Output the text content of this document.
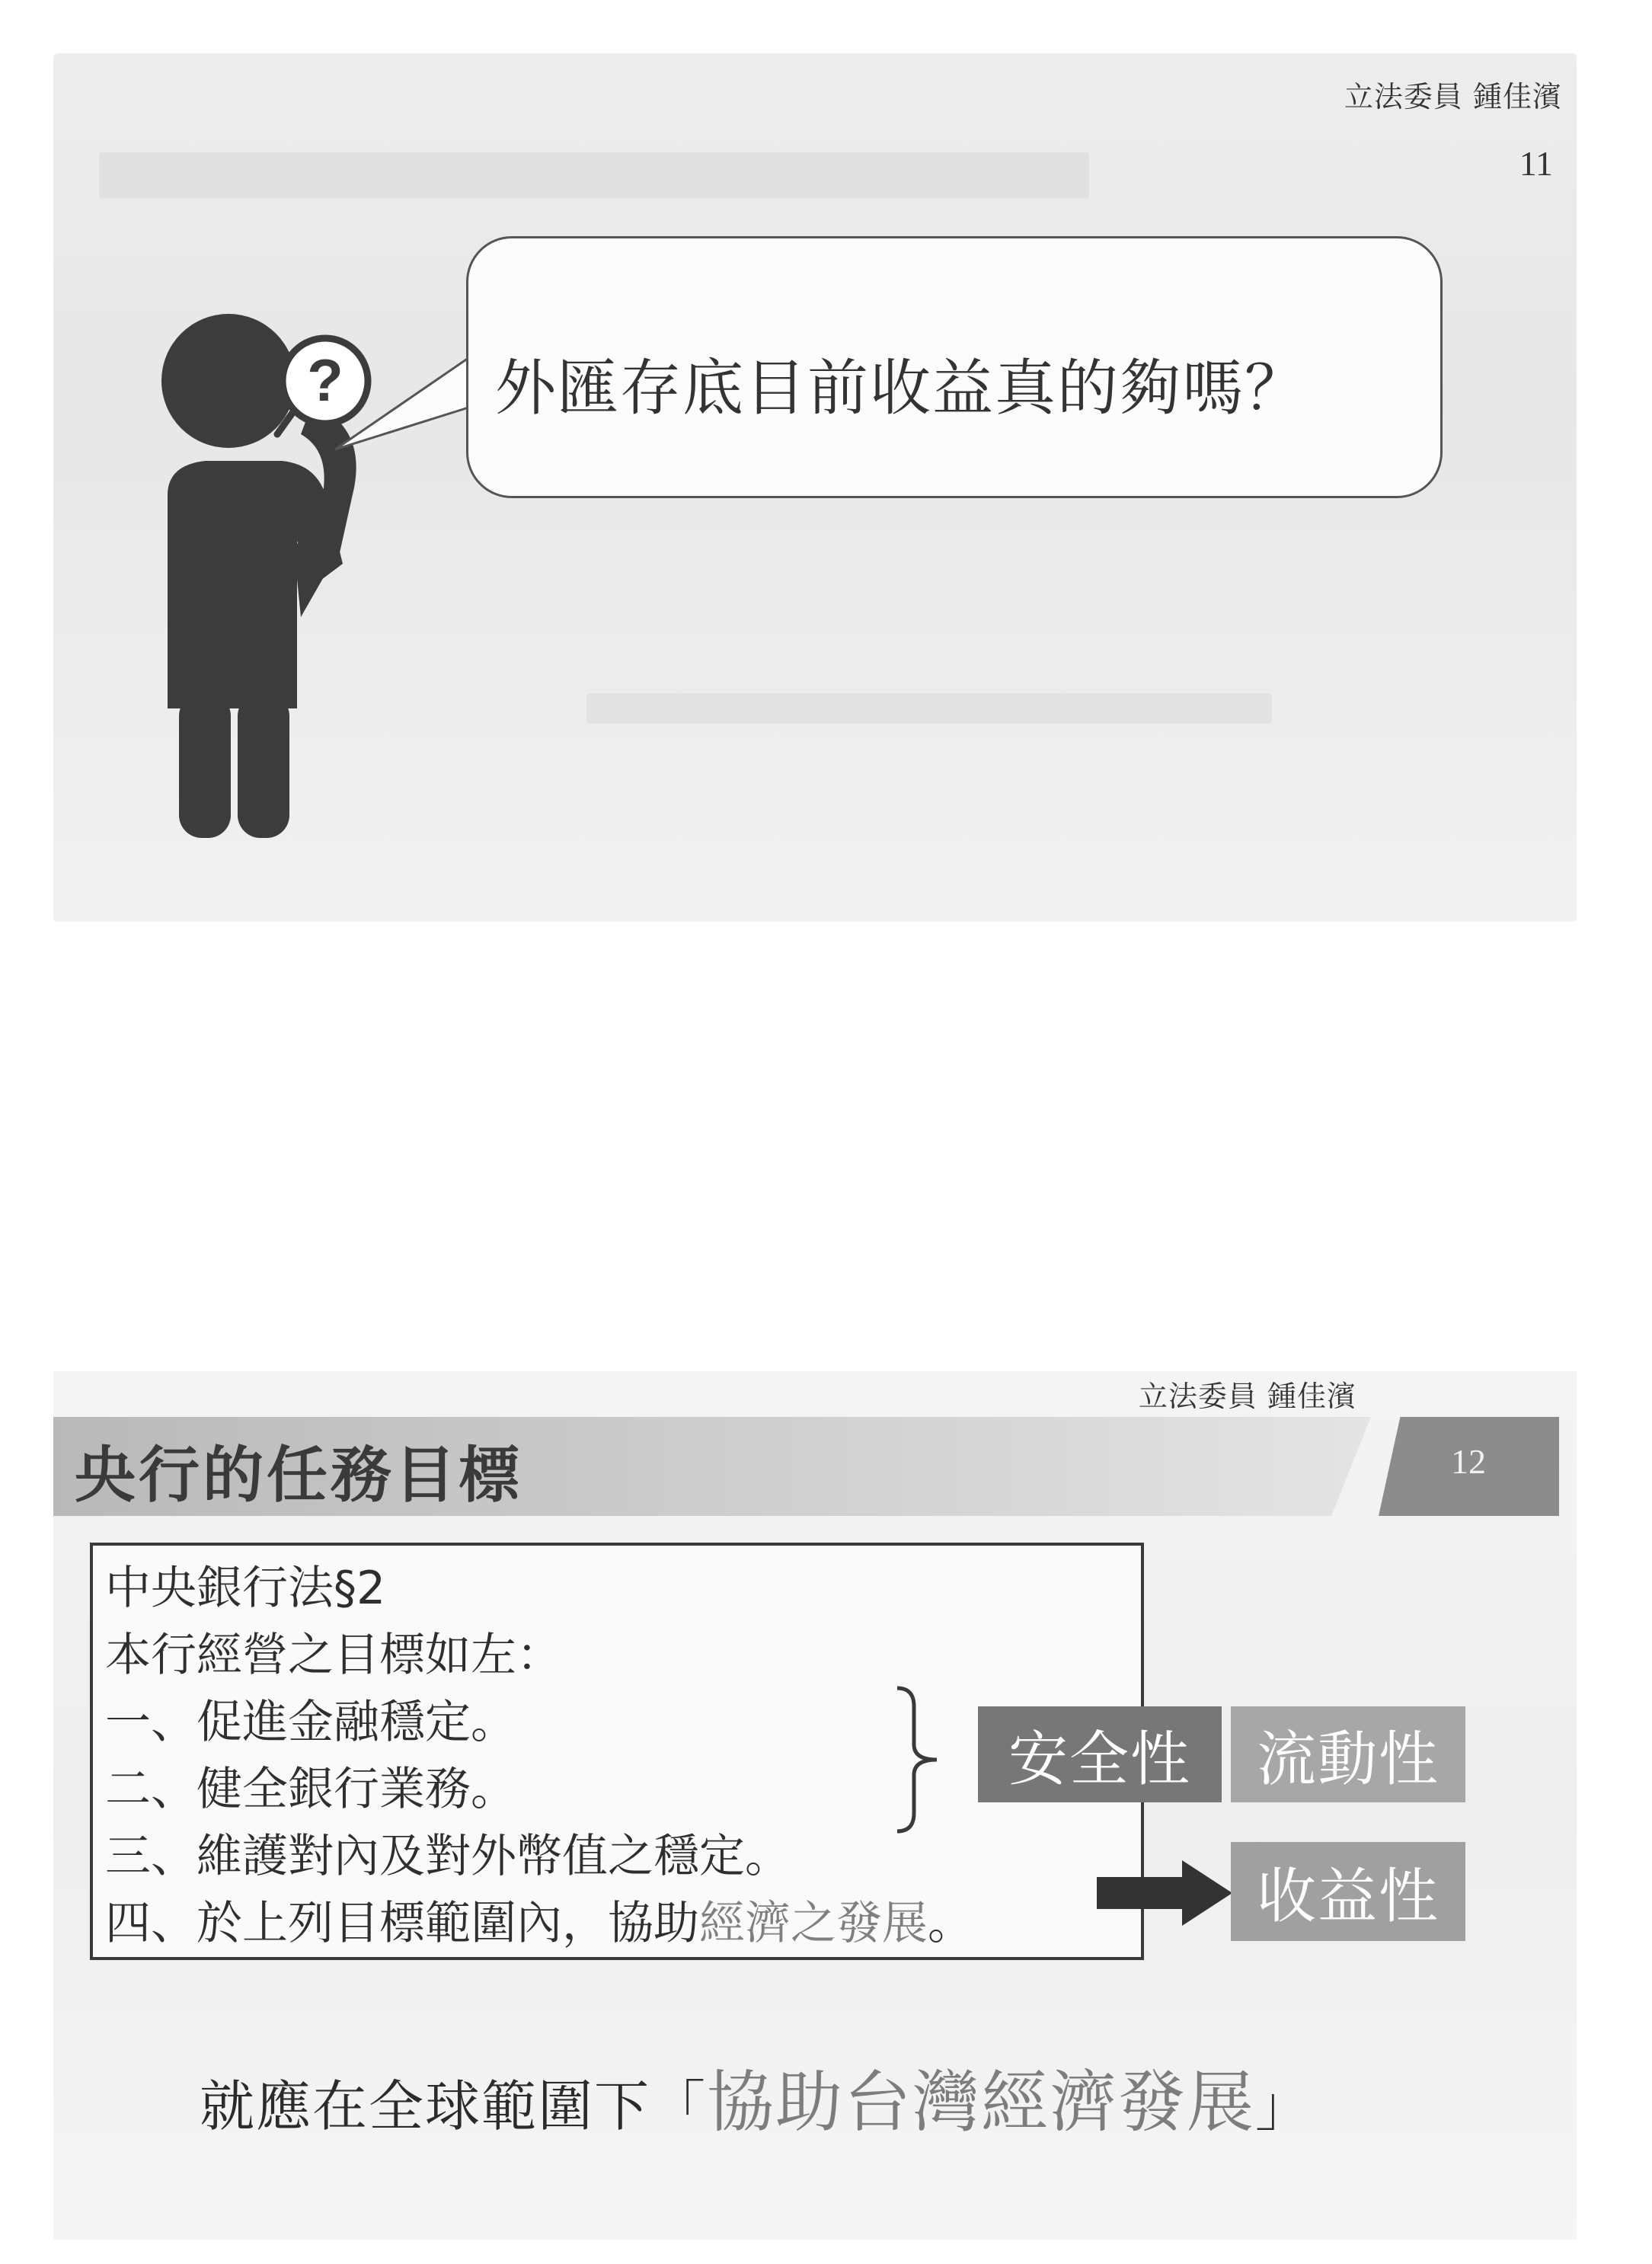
立法委員 鍾佳濱
11
? 外匯存底目前收益真的夠嗎？
立法委員 鍾佳濱
央行的任務目標	12
中央銀行法§2
本行經營之目標如左：
一、促進金融穩定。
二、健全銀行業務。
三、維護對內及對外幣值之穩定。
四、於上列目標範圍內，協助經濟之發展。
安全性	流動性
收益性
就應在全球範圍下「協助台灣經濟發展」
